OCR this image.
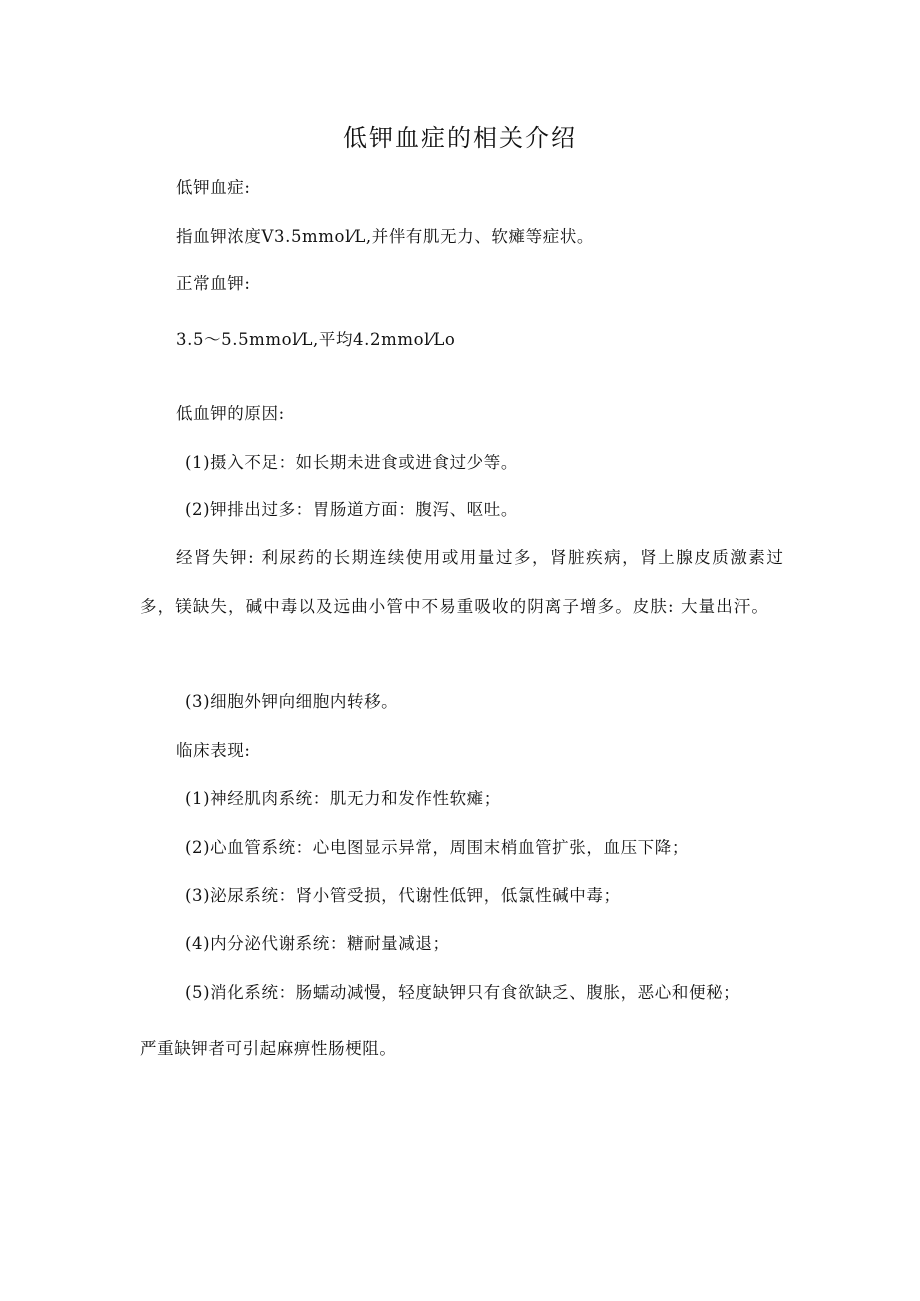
低钾血症的相关介绍

低钾血症:

指血钾浓度V3.5mmol⁄L,并伴有肌无力、软瘫等症状。

正常血钾:

3.5～5.5mmol⁄L,平均4.2mmol⁄Lo

低血钾的原因:

(1)摄入不足：如长期未进食或进食过少等。

(2)钾排出过多：胃肠道方面：腹泻、呕吐。

经肾失钾: 利尿药的长期连续使用或用量过多，肾脏疾病，肾上腺皮质激素过多，镁缺失，碱中毒以及远曲小管中不易重吸收的阴离子增多。皮肤: 大量出汗。

(3)细胞外钾向细胞内转移。

临床表现:

(1)神经肌肉系统：肌无力和发作性软瘫；

(2)心血管系统：心电图显示异常，周围末梢血管扩张，血压下降；

(3)泌尿系统：肾小管受损，代谢性低钾，低氯性碱中毒；

(4)内分泌代谢系统：糖耐量减退；

(5)消化系统：肠蠕动减慢，轻度缺钾只有食欲缺乏、腹胀，恶心和便秘；

严重缺钾者可引起麻痹性肠梗阻。
